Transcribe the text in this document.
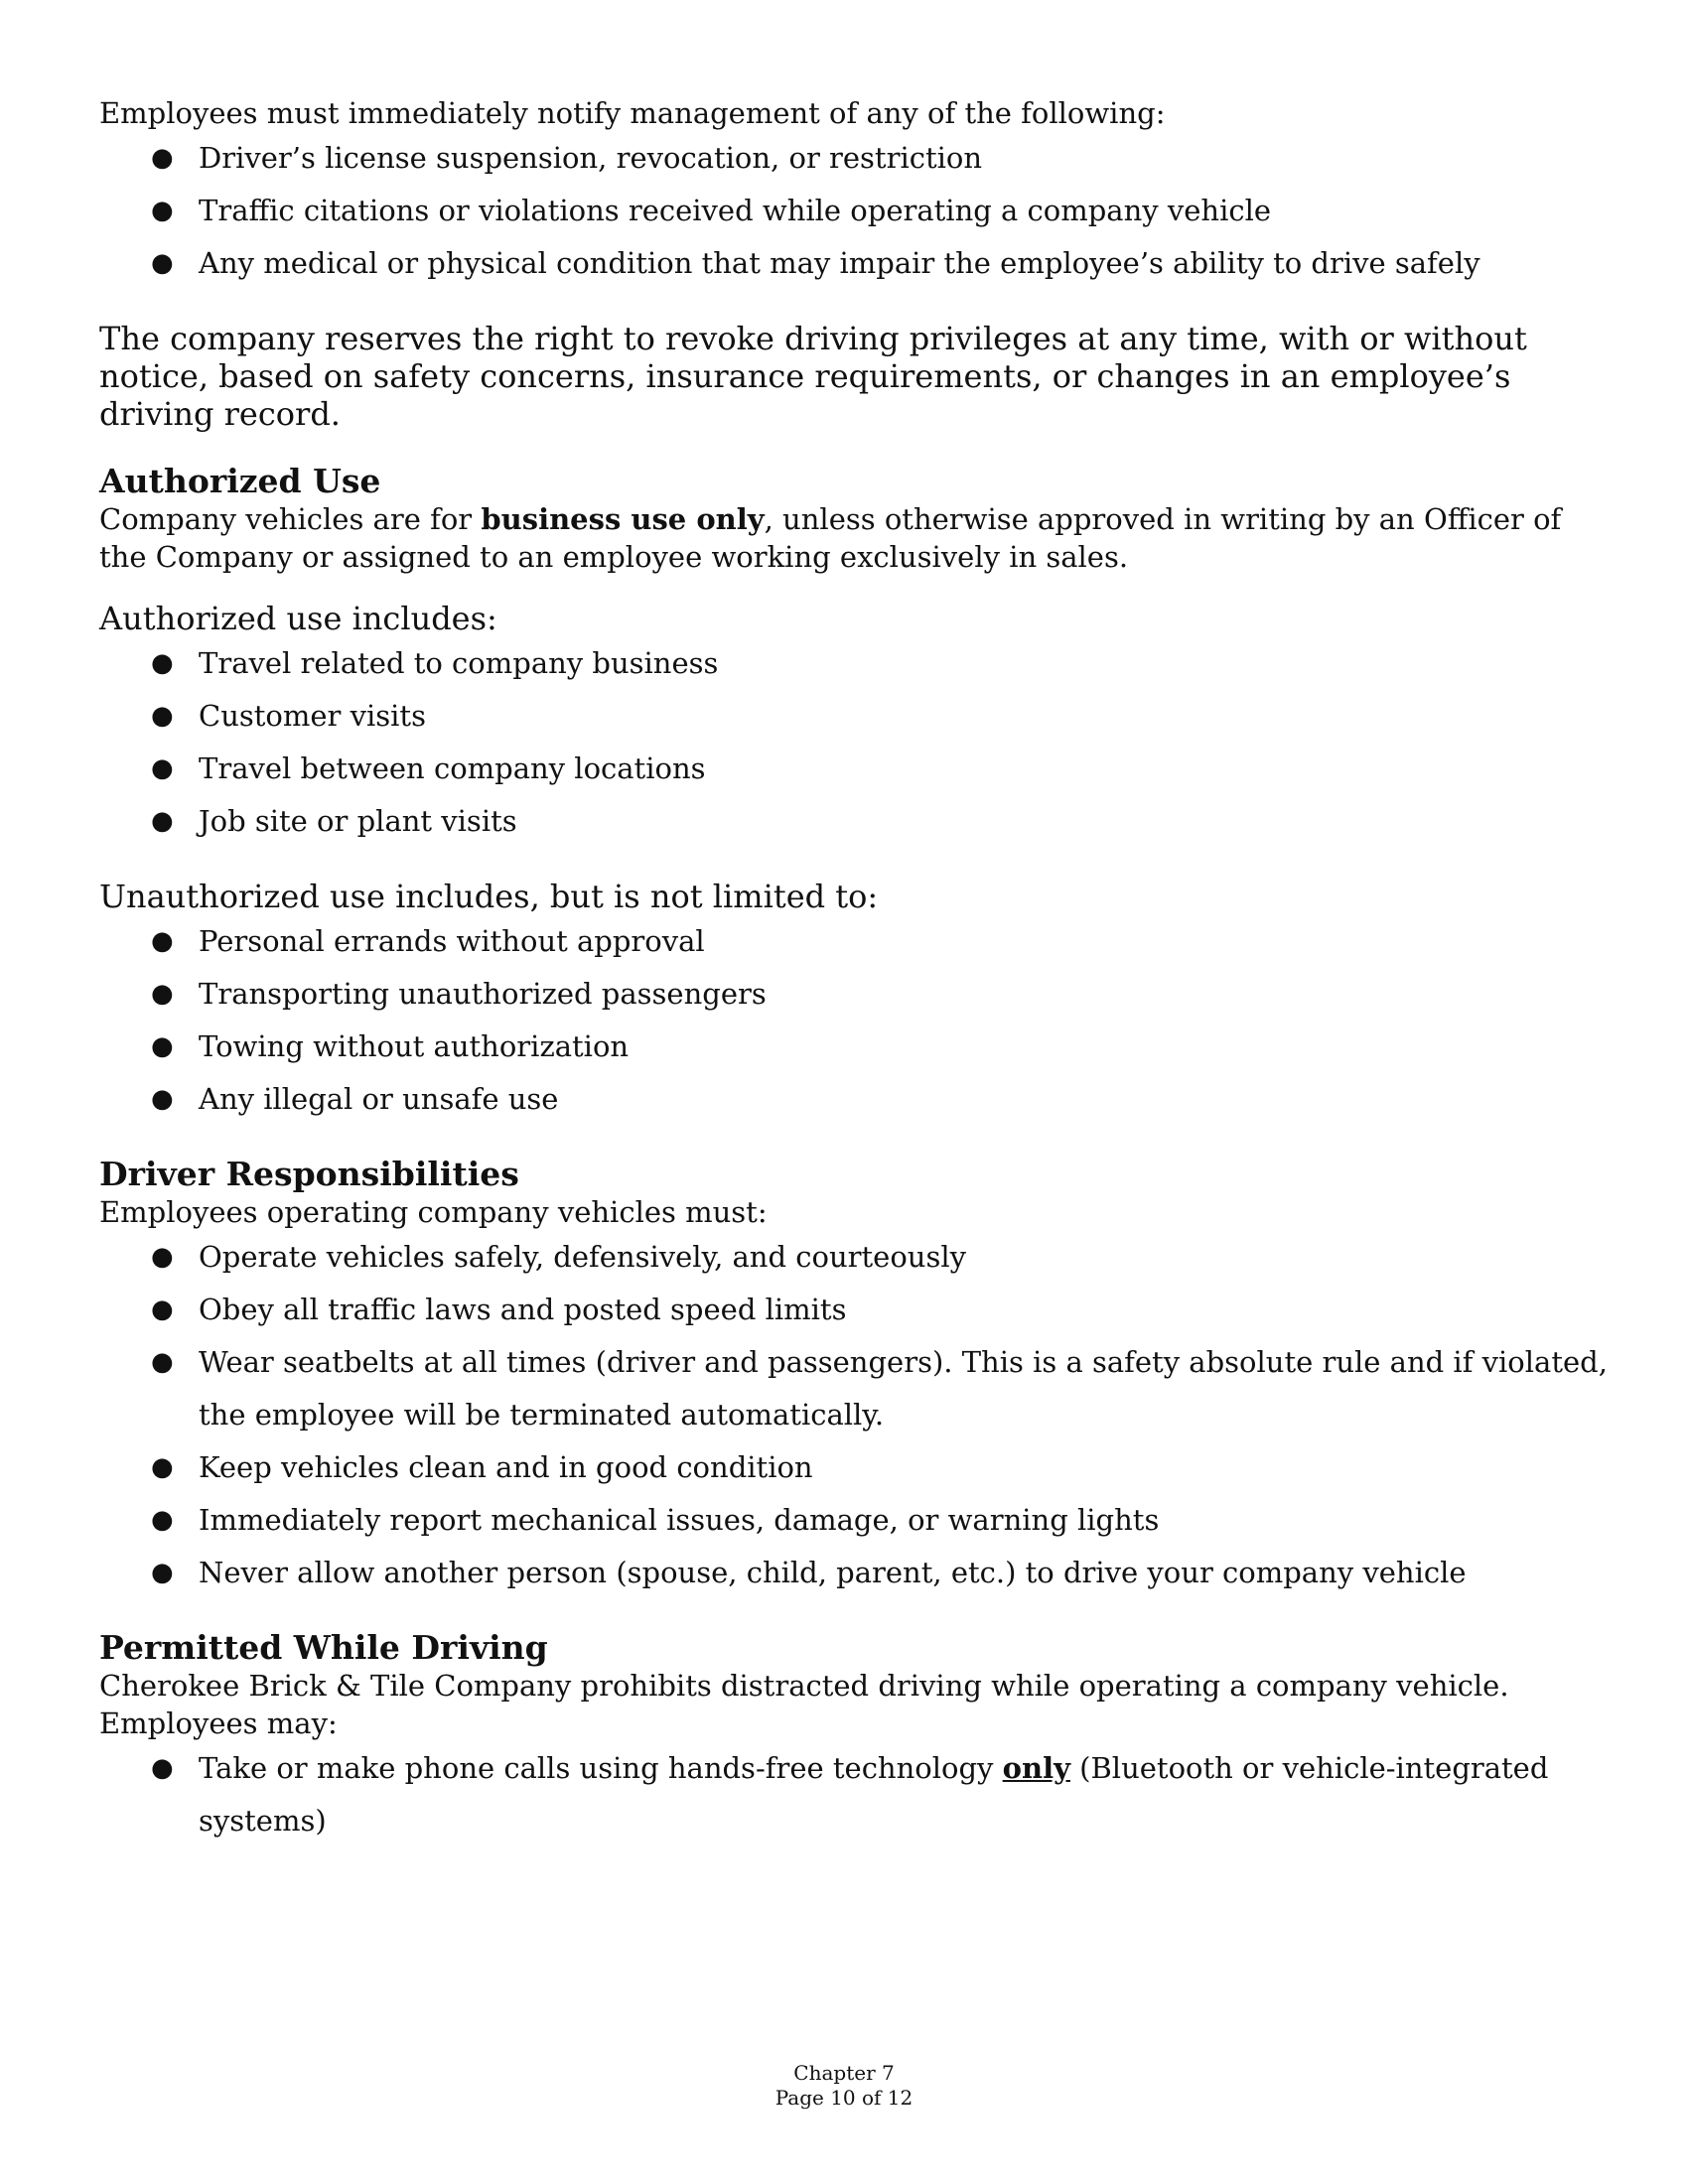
Employees must immediately notify management of any of the following:

● Driver’s license suspension, revocation, or restriction
● Traffic citations or violations received while operating a company vehicle
● Any medical or physical condition that may impair the employee’s ability to drive safely

The company reserves the right to revoke driving privileges at any time, with or without notice, based on safety concerns, insurance requirements, or changes in an employee’s driving record.

Authorized Use

Company vehicles are for business use only, unless otherwise approved in writing by an Officer of the Company or assigned to an employee working exclusively in sales.

Authorized use includes:

● Travel related to company business
● Customer visits
● Travel between company locations
● Job site or plant visits

Unauthorized use includes, but is not limited to:

● Personal errands without approval
● Transporting unauthorized passengers
● Towing without authorization
● Any illegal or unsafe use
Driver Responsibilities

Employees operating company vehicles must:

● Operate vehicles safely, defensively, and courteously
● Obey all traffic laws and posted speed limits
● Wear seatbelts at all times (driver and passengers). This is a safety absolute rule and if violated, the employee will be terminated automatically.
● Keep vehicles clean and in good condition
● Immediately report mechanical issues, damage, or warning lights
● Never allow another person (spouse, child, parent, etc.) to drive your company vehicle
Permitted While Driving

Cherokee Brick & Tile Company prohibits distracted driving while operating a company vehicle.

Employees may:

● Take or make phone calls using hands-free technology only (Bluetooth or vehicle-integrated systems)
Chapter 7
Page 10 of 12
